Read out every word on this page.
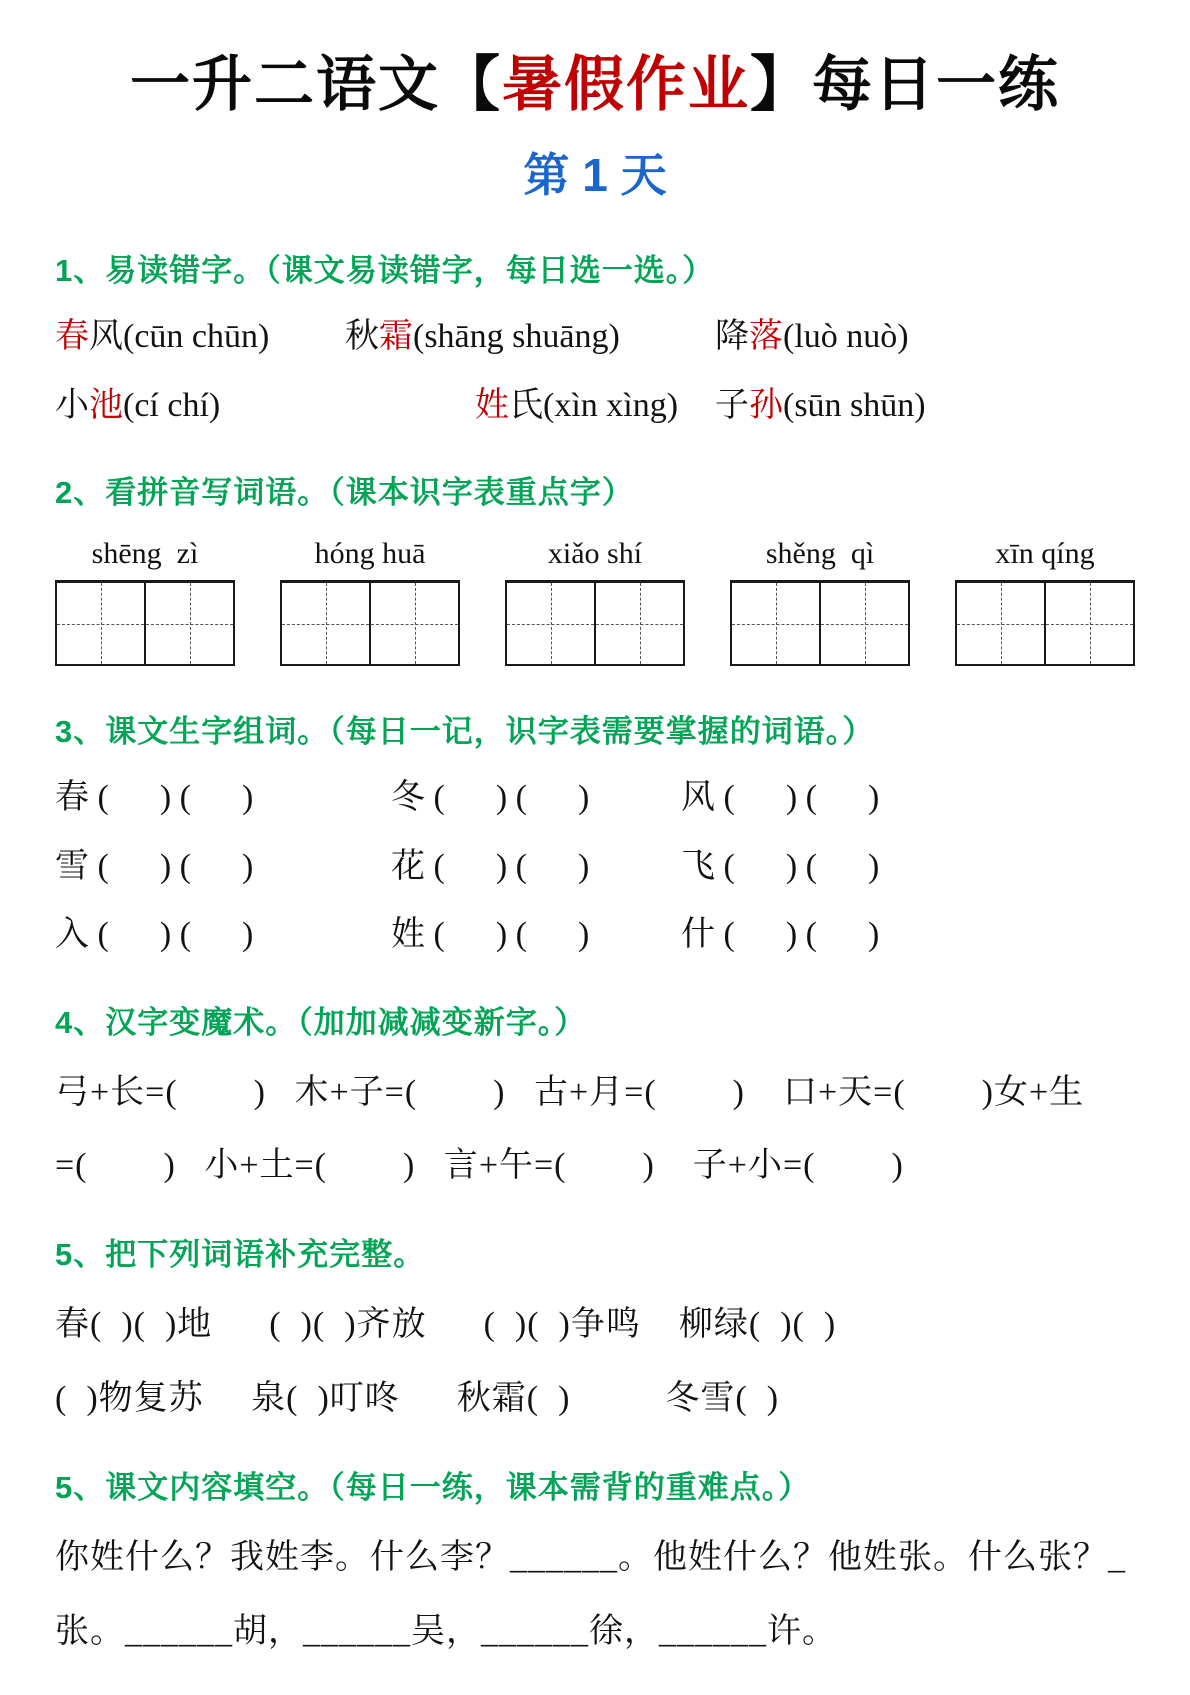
一升二语文【暑假作业】每日一练
第 1 天
1、易读错字。（课文易读错字，每日选一选。）
春风(cūn chūn)	秋霜(shāng shuāng)	降落(luò nuò)
小池(cí chí)	姓氏(xìn xìng)	子孙(sūn shūn)
2、看拼音写词语。（课本识字表重点字）
shēng  zì	hóng huā	xiǎo shí	shěng  qì	xīn qíng
3、课文生字组词。（每日一记，识字表需要掌握的词语。）
春 (      ) (      )	冬 (      ) (      )	风 (      ) (      )
雪 (      ) (      )	花 (      ) (      )	飞 (      ) (      )
入 (      ) (      )	姓 (      ) (      )	什 (      ) (      )
4、汉字变魔术。（加加减减变新字。）
弓+长=(        )   木+子=(        )   古+月=(        )    口+天=(        )女+生
=(        )   小+土=(        )   言+午=(        )    子+小=(        )
5、把下列词语补充完整。
春(  )(  )地      (  )(  )齐放      (  )(  )争鸣    柳绿(  )(  )
(  )物复苏     泉(  )叮咚      秋霜(  )          冬雪(  )
5、课文内容填空。（每日一练，课本需背的重难点。）
你姓什么？我姓李。什么李？______。他姓什么？他姓张。什么张？_
张。______胡，______吴，______徐，______许。
